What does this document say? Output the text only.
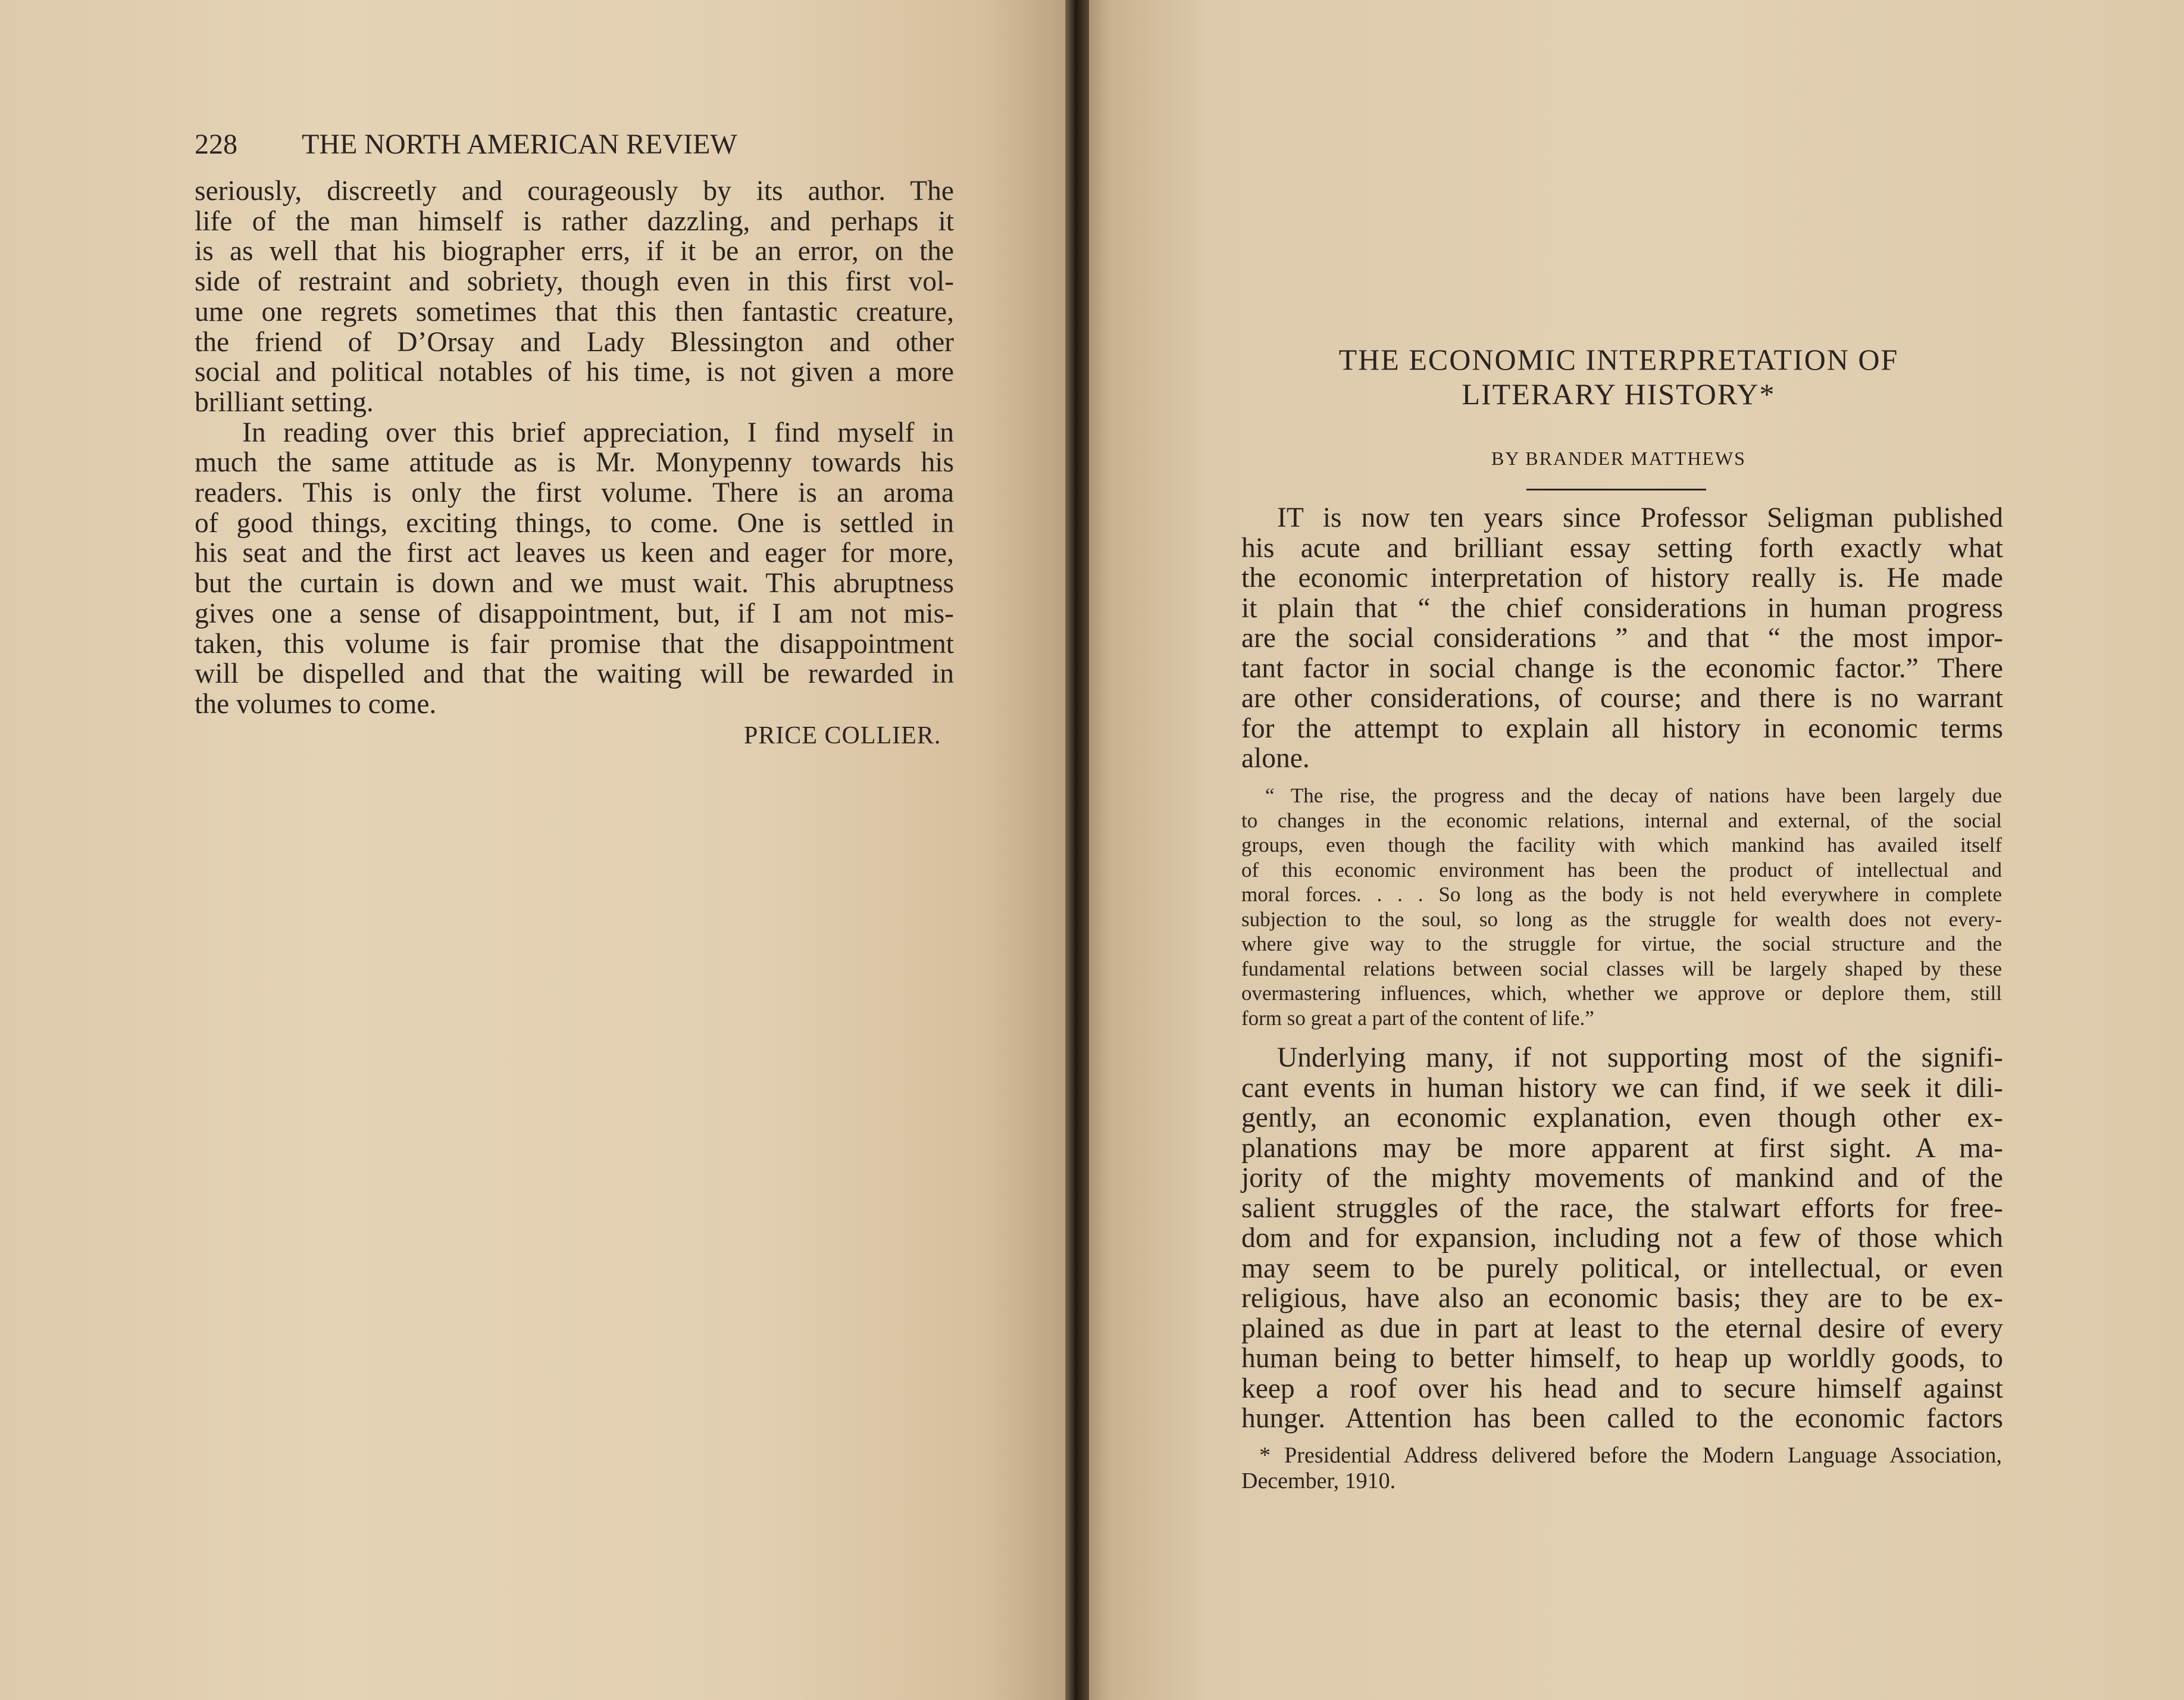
228 THE NORTH AMERICAN REVIEW
seriously, discreetly and courageously by its author. The
life of the man himself is rather dazzling, and perhaps it
is as well that his biographer errs, if it be an error, on the
side of restraint and sobriety, though even in this first vol-
ume one regrets sometimes that this then fantastic creature,
the friend of D’Orsay and Lady Blessington and other
social and political notables of his time, is not given a more
brilliant setting.
In reading over this brief appreciation, I find myself in
much the same attitude as is Mr. Monypenny towards his
readers. This is only the first volume. There is an aroma
of good things, exciting things, to come. One is settled in
his seat and the first act leaves us keen and eager for more,
but the curtain is down and we must wait. This abruptness
gives one a sense of disappointment, but, if I am not mis-
taken, this volume is fair promise that the disappointment
will be dispelled and that the waiting will be rewarded in
the volumes to come.
PRICE COLLIER.
THE ECONOMIC INTERPRETATION OF
LITERARY HISTORY*
BY BRANDER MATTHEWS
IT is now ten years since Professor Seligman published
his acute and brilliant essay setting forth exactly what
the economic interpretation of history really is. He made
it plain that “ the chief considerations in human progress
are the social considerations ” and that “ the most impor-
tant factor in social change is the economic factor.” There
are other considerations, of course; and there is no warrant
for the attempt to explain all history in economic terms
alone.
“ The rise, the progress and the decay of nations have been largely due
to changes in the economic relations, internal and external, of the social
groups, even though the facility with which mankind has availed itself
of this economic environment has been the product of intellectual and
moral forces. . . . So long as the body is not held everywhere in complete
subjection to the soul, so long as the struggle for wealth does not every-
where give way to the struggle for virtue, the social structure and the
fundamental relations between social classes will be largely shaped by these
overmastering influences, which, whether we approve or deplore them, still
form so great a part of the content of life.”
Underlying many, if not supporting most of the signifi-
cant events in human history we can find, if we seek it dili-
gently, an economic explanation, even though other ex-
planations may be more apparent at first sight. A ma-
jority of the mighty movements of mankind and of the
salient struggles of the race, the stalwart efforts for free-
dom and for expansion, including not a few of those which
may seem to be purely political, or intellectual, or even
religious, have also an economic basis; they are to be ex-
plained as due in part at least to the eternal desire of every
human being to better himself, to heap up worldly goods, to
keep a roof over his head and to secure himself against
hunger. Attention has been called to the economic factors
* Presidential Address delivered before the Modern Language Association,
December, 1910.
